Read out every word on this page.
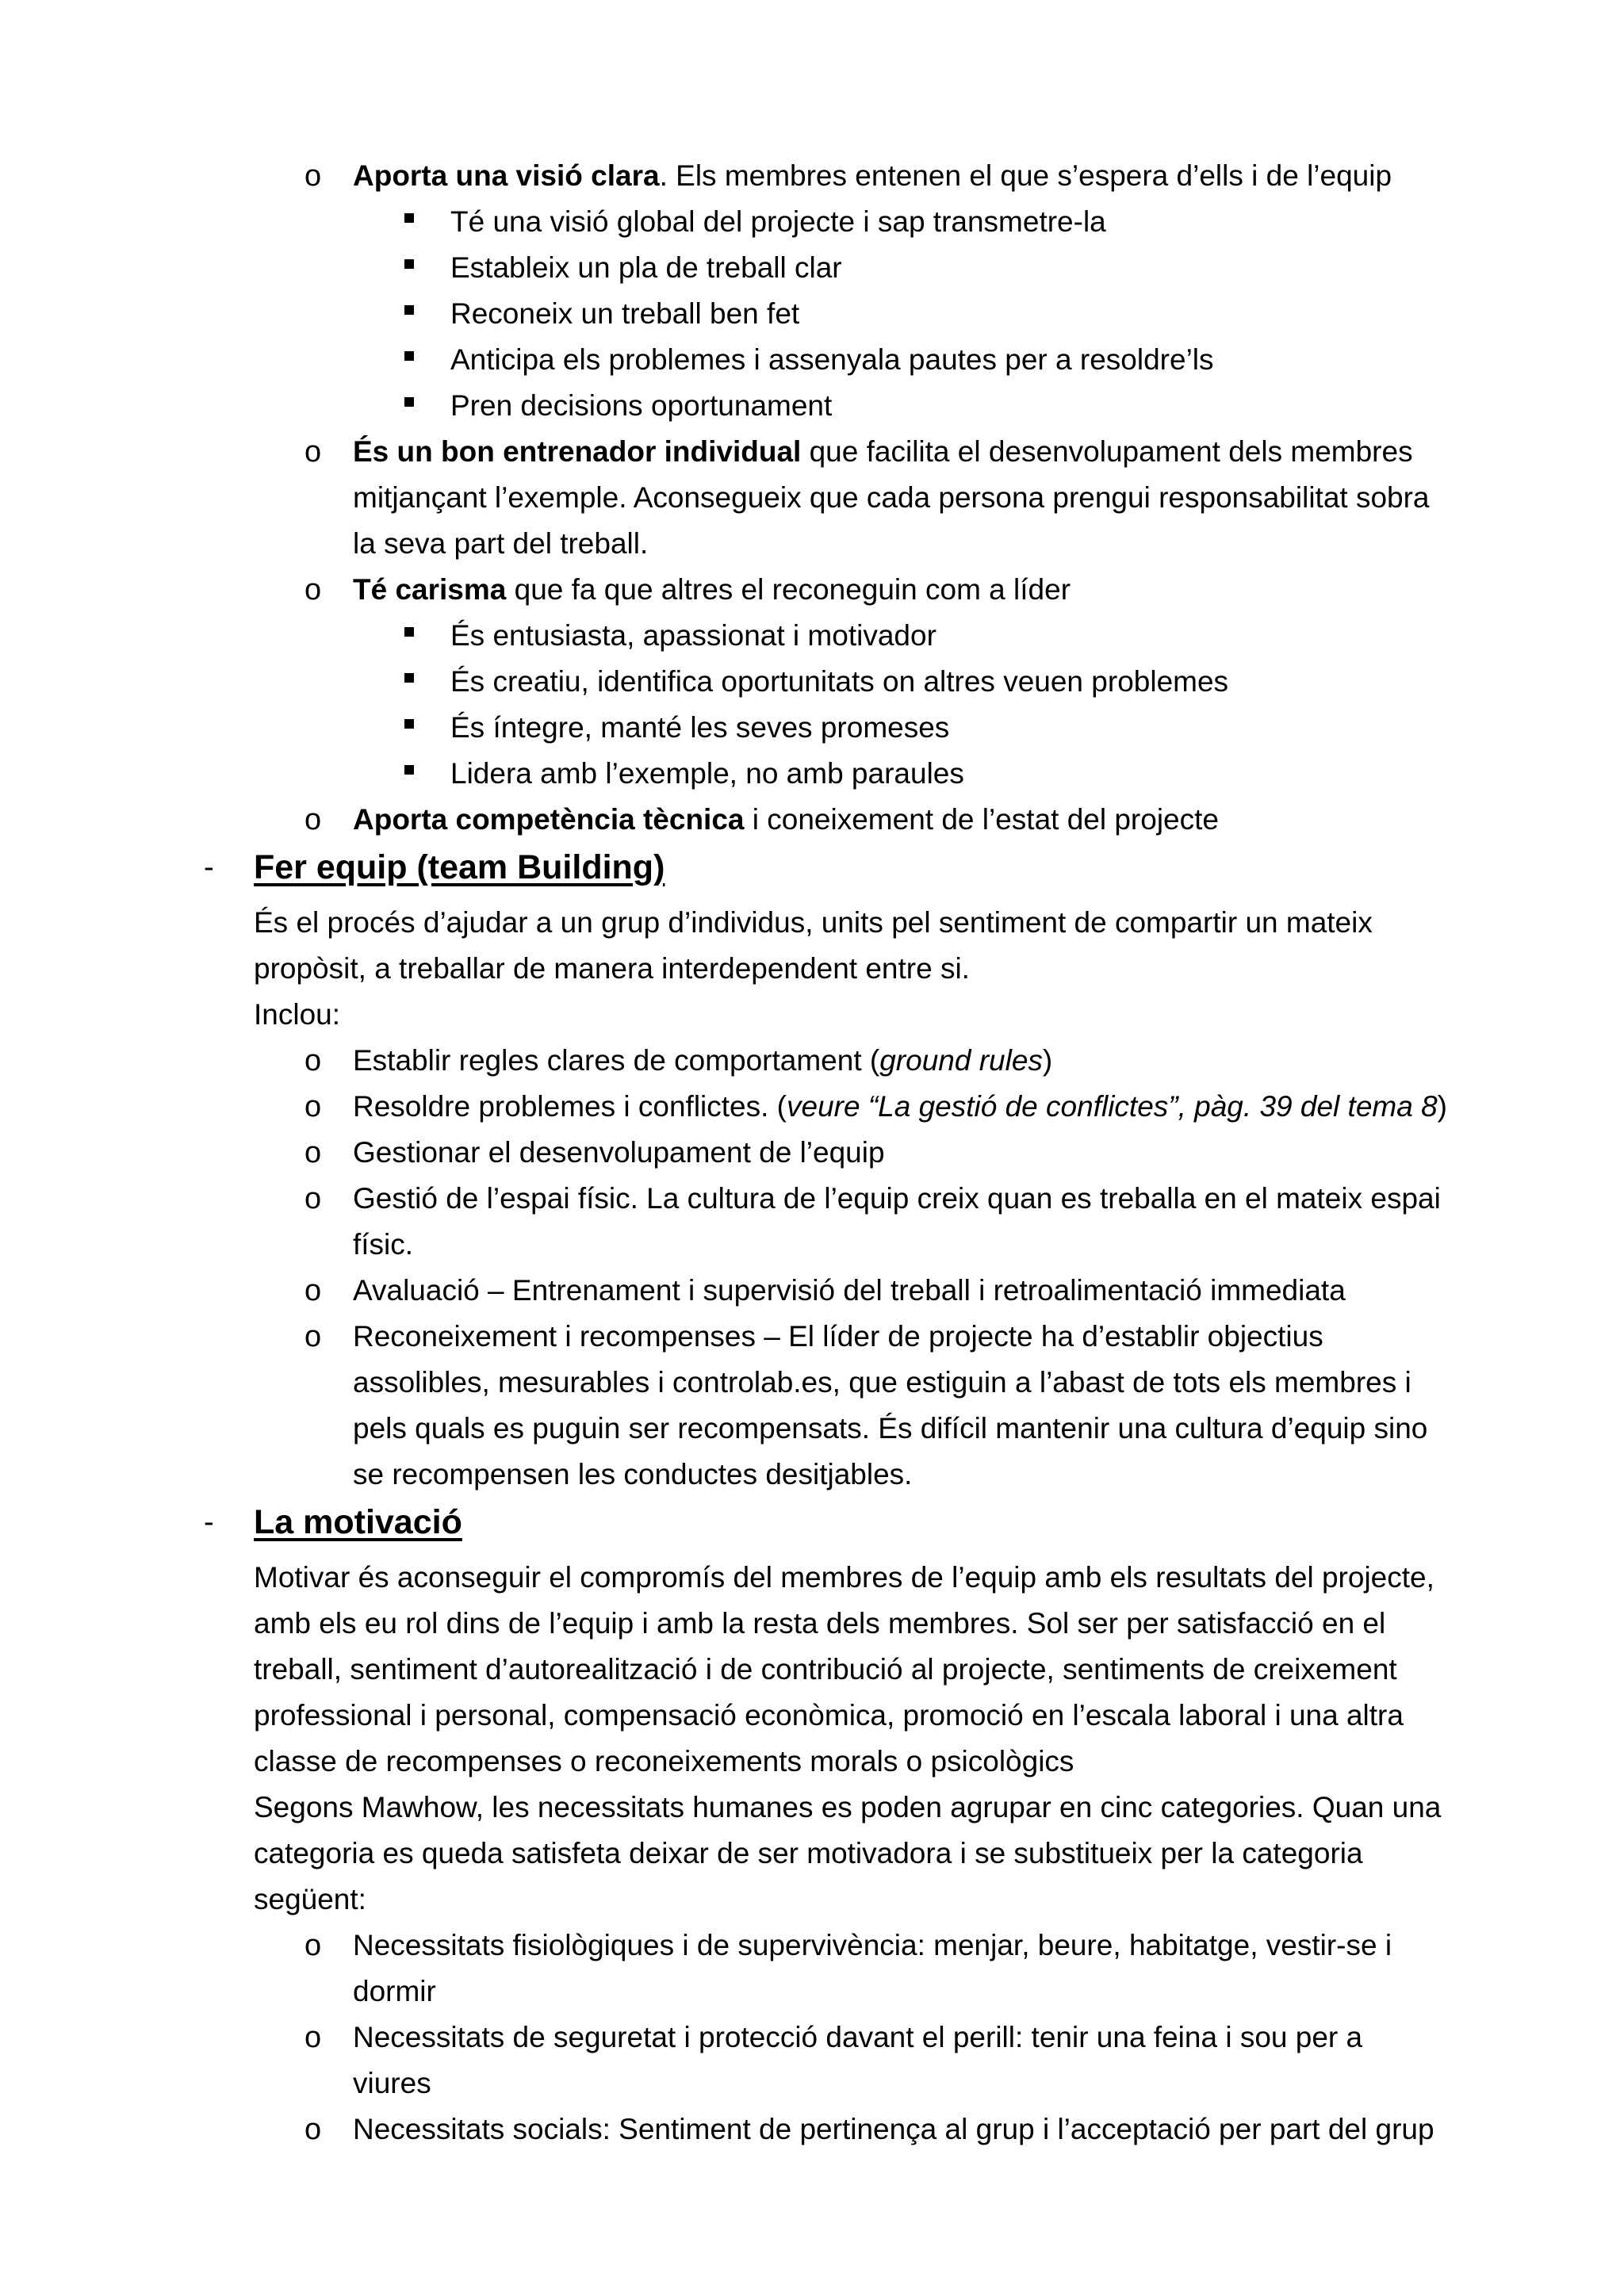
o Aporta una visió clara. Els membres entenen el que s’espera d’ells i de l’equip
Té una visió global del projecte i sap transmetre-la
Estableix un pla de treball clar
Reconeix un treball ben fet
Anticipa els problemes i assenyala pautes per a resoldre’ls
Pren decisions oportunament
o És un bon entrenador individual que facilita el desenvolupament dels membres
mitjançant l’exemple. Aconsegueix que cada persona prengui responsabilitat sobra
la seva part del treball.
o Té carisma que fa que altres el reconeguin com a líder
És entusiasta, apassionat i motivador
És creatiu, identifica oportunitats on altres veuen problemes
És íntegre, manté les seves promeses
Lidera amb l’exemple, no amb paraules
o Aporta competència tècnica i coneixement de l’estat del projecte
- Fer equip (team Building)
És el procés d’ajudar a un grup d’individus, units pel sentiment de compartir un mateix
propòsit, a treballar de manera interdependent entre si.
Inclou:
o Establir regles clares de comportament (ground rules)
o Resoldre problemes i conflictes. (veure “La gestió de conflictes”, pàg. 39 del tema 8)
o Gestionar el desenvolupament de l’equip
o Gestió de l’espai físic. La cultura de l’equip creix quan es treballa en el mateix espai
físic.
o Avaluació – Entrenament i supervisió del treball i retroalimentació immediata
o Reconeixement i recompenses – El líder de projecte ha d’establir objectius
assolibles, mesurables i controlab.es, que estiguin a l’abast de tots els membres i
pels quals es puguin ser recompensats. És difícil mantenir una cultura d’equip sino
se recompensen les conductes desitjables.
- La motivació
Motivar és aconseguir el compromís del membres de l’equip amb els resultats del projecte,
amb els eu rol dins de l’equip i amb la resta dels membres. Sol ser per satisfacció en el
treball, sentiment d’autorealització i de contribució al projecte, sentiments de creixement
professional i personal, compensació econòmica, promoció en l’escala laboral i una altra
classe de recompenses o reconeixements morals o psicològics
Segons Mawhow, les necessitats humanes es poden agrupar en cinc categories. Quan una
categoria es queda satisfeta deixar de ser motivadora i se substitueix per la categoria
següent:
o Necessitats fisiològiques i de supervivència: menjar, beure, habitatge, vestir-se i
dormir
o Necessitats de seguretat i protecció davant el perill: tenir una feina i sou per a
viures
o Necessitats socials: Sentiment de pertinença al grup i l’acceptació per part del grup
